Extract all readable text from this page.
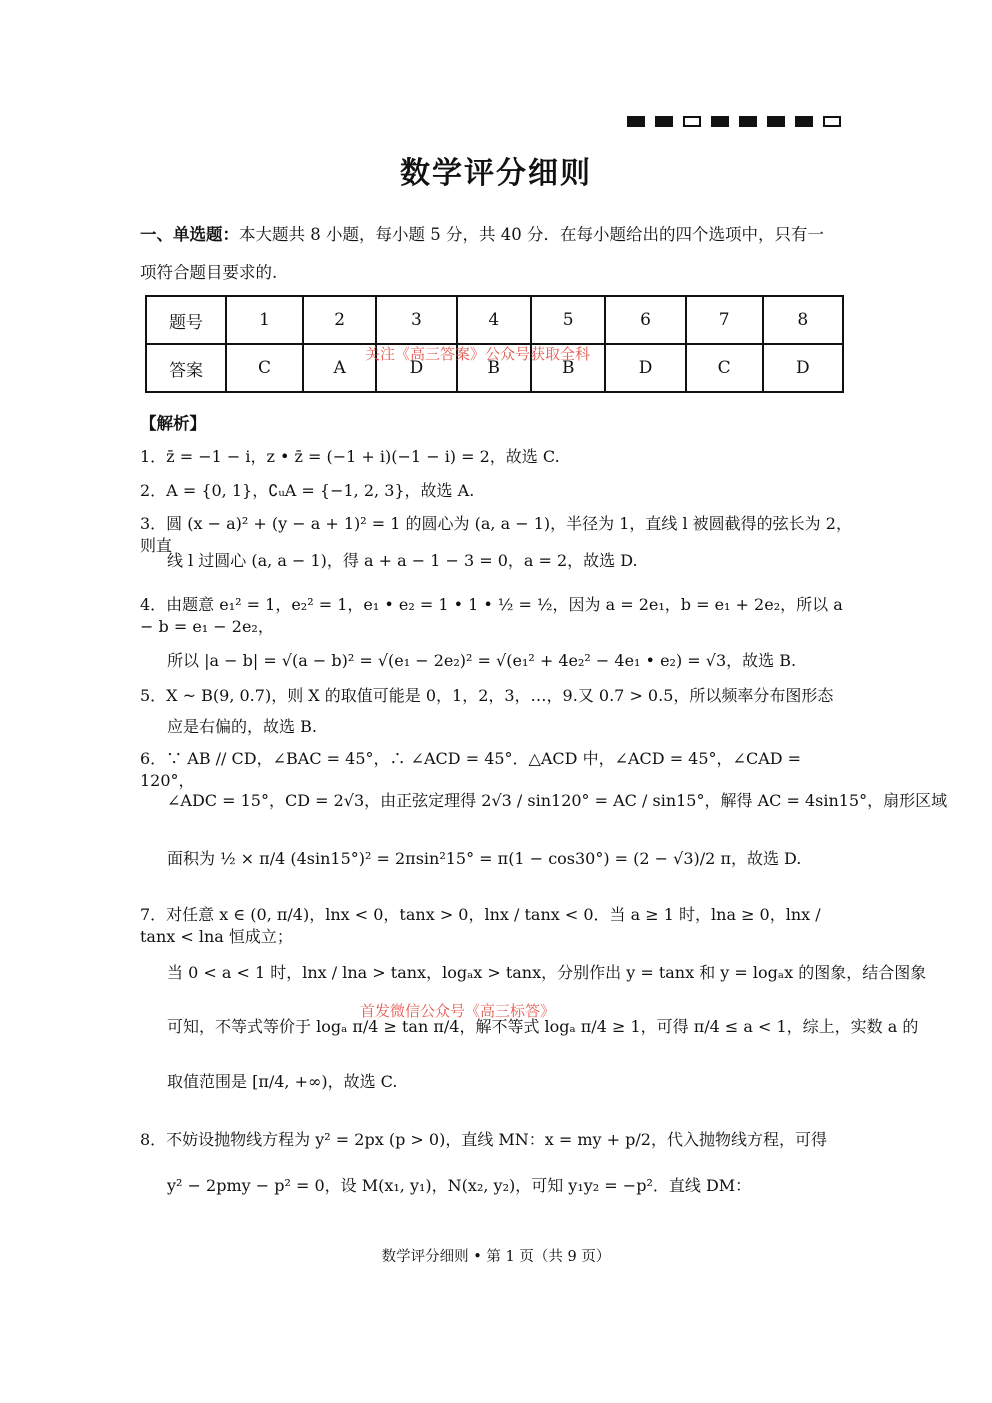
数学评分细则
一、单选题：本大题共 8 小题，每小题 5 分，共 40 分．在每小题给出的四个选项中，只有一
项符合题目要求的.
题号	1	2	3	4	5	6	7	8
答案	C	A	D	B	B	D	C	D
关注《高三答案》公众号获取全科
【解析】
1．z̄ = −1 − i，z • z̄ = (−1 + i)(−1 − i) = 2，故选 C.
2．A = {0, 1}，∁ᵤA = {−1, 2, 3}，故选 A.
3．圆 (x − a)² + (y − a + 1)² = 1 的圆心为 (a, a − 1)，半径为 1，直线 l 被圆截得的弦长为 2，则直
线 l 过圆心 (a, a − 1)，得 a + a − 1 − 3 = 0，a = 2，故选 D.
4．由题意 e₁² = 1，e₂² = 1，e₁ • e₂ = 1 • 1 • ½ = ½，因为 a = 2e₁，b = e₁ + 2e₂，所以 a − b = e₁ − 2e₂，
所以 |a − b| = √(a − b)² = √(e₁ − 2e₂)² = √(e₁² + 4e₂² − 4e₁ • e₂) = √3，故选 B.
5．X ~ B(9, 0.7)，则 X 的取值可能是 0，1，2，3，…，9.又 0.7 > 0.5，所以频率分布图形态
应是右偏的，故选 B.
6．∵ AB // CD，∠BAC = 45°，∴ ∠ACD = 45°．△ACD 中，∠ACD = 45°，∠CAD = 120°，
∠ADC = 15°，CD = 2√3，由正弦定理得 2√3 / sin120° = AC / sin15°，解得 AC = 4sin15°，扇形区域
面积为 ½ × π/4 (4sin15°)² = 2πsin²15° = π(1 − cos30°) = (2 − √3)/2 π，故选 D.
7．对任意 x ∈ (0, π/4)，lnx < 0，tanx > 0，lnx / tanx < 0．当 a ≥ 1 时，lna ≥ 0，lnx / tanx < lna 恒成立；
当 0 < a < 1 时，lnx / lna > tanx，logₐx > tanx，分别作出 y = tanx 和 y = logₐx 的图象，结合图象
首发微信公众号《高三标答》
可知，不等式等价于 logₐ π/4 ≥ tan π/4，解不等式 logₐ π/4 ≥ 1，可得 π/4 ≤ a < 1，综上，实数 a 的
取值范围是 [π/4, +∞)，故选 C.
8．不妨设抛物线方程为 y² = 2px (p > 0)，直线 MN：x = my + p/2，代入抛物线方程，可得
y² − 2pmy − p² = 0，设 M(x₁, y₁)，N(x₂, y₂)，可知 y₁y₂ = −p²．直线 DM：
数学评分细则 • 第 1 页（共 9 页）
